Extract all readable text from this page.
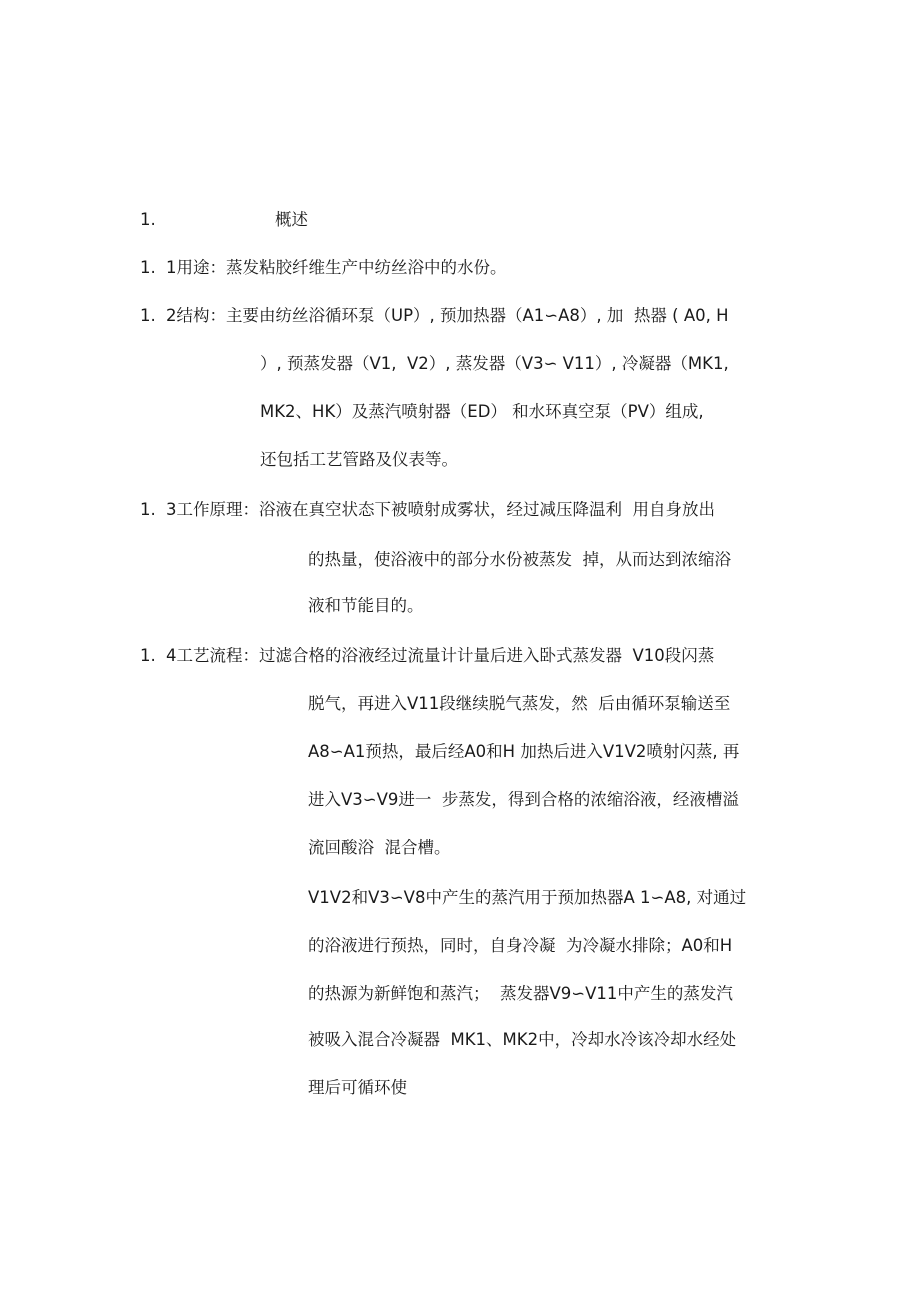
1.	概述
1. 1用途：蒸发粘胶纤维生产中纺丝浴中的水份。
1. 2结构：主要由纺丝浴循环泵（UP）, 预加热器（A1∽A8）, 加  热器 ( A0, H
）, 预蒸发器（V1,  V2）, 蒸发器（V3∽ V11）, 冷凝器（MK1,
MK2、HK）及蒸汽喷射器（ED） 和水环真空泵（PV）组成,
还包括工艺管路及仪表等。
1. 3工作原理：浴液在真空状态下被喷射成雾状，经过减压降温利  用自身放出
的热量，使浴液中的部分水份被蒸发  掉，从而达到浓缩浴
液和节能目的。
1. 4工艺流程：过滤合格的浴液经过流量计计量后进入卧式蒸发器  V10段闪蒸
脱气，再进入V11段继续脱气蒸发，然  后由循环泵输送至
A8∽A1预热，最后经A0和H 加热后进入V1V2喷射闪蒸, 再
进入V3∽V9进一  步蒸发，得到合格的浓缩浴液，经液槽溢
流回酸浴  混合槽。
V1V2和V3∽V8中产生的蒸汽用于预加热器A 1∽A8, 对通过
的浴液进行预热，同时，自身冷凝  为冷凝水排除；A0和H
的热源为新鲜饱和蒸汽；  蒸发器V9∽V11中产生的蒸发汽
被吸入混合冷凝器  MK1、MK2中，冷却水冷该冷却水经处
理后可循环使
